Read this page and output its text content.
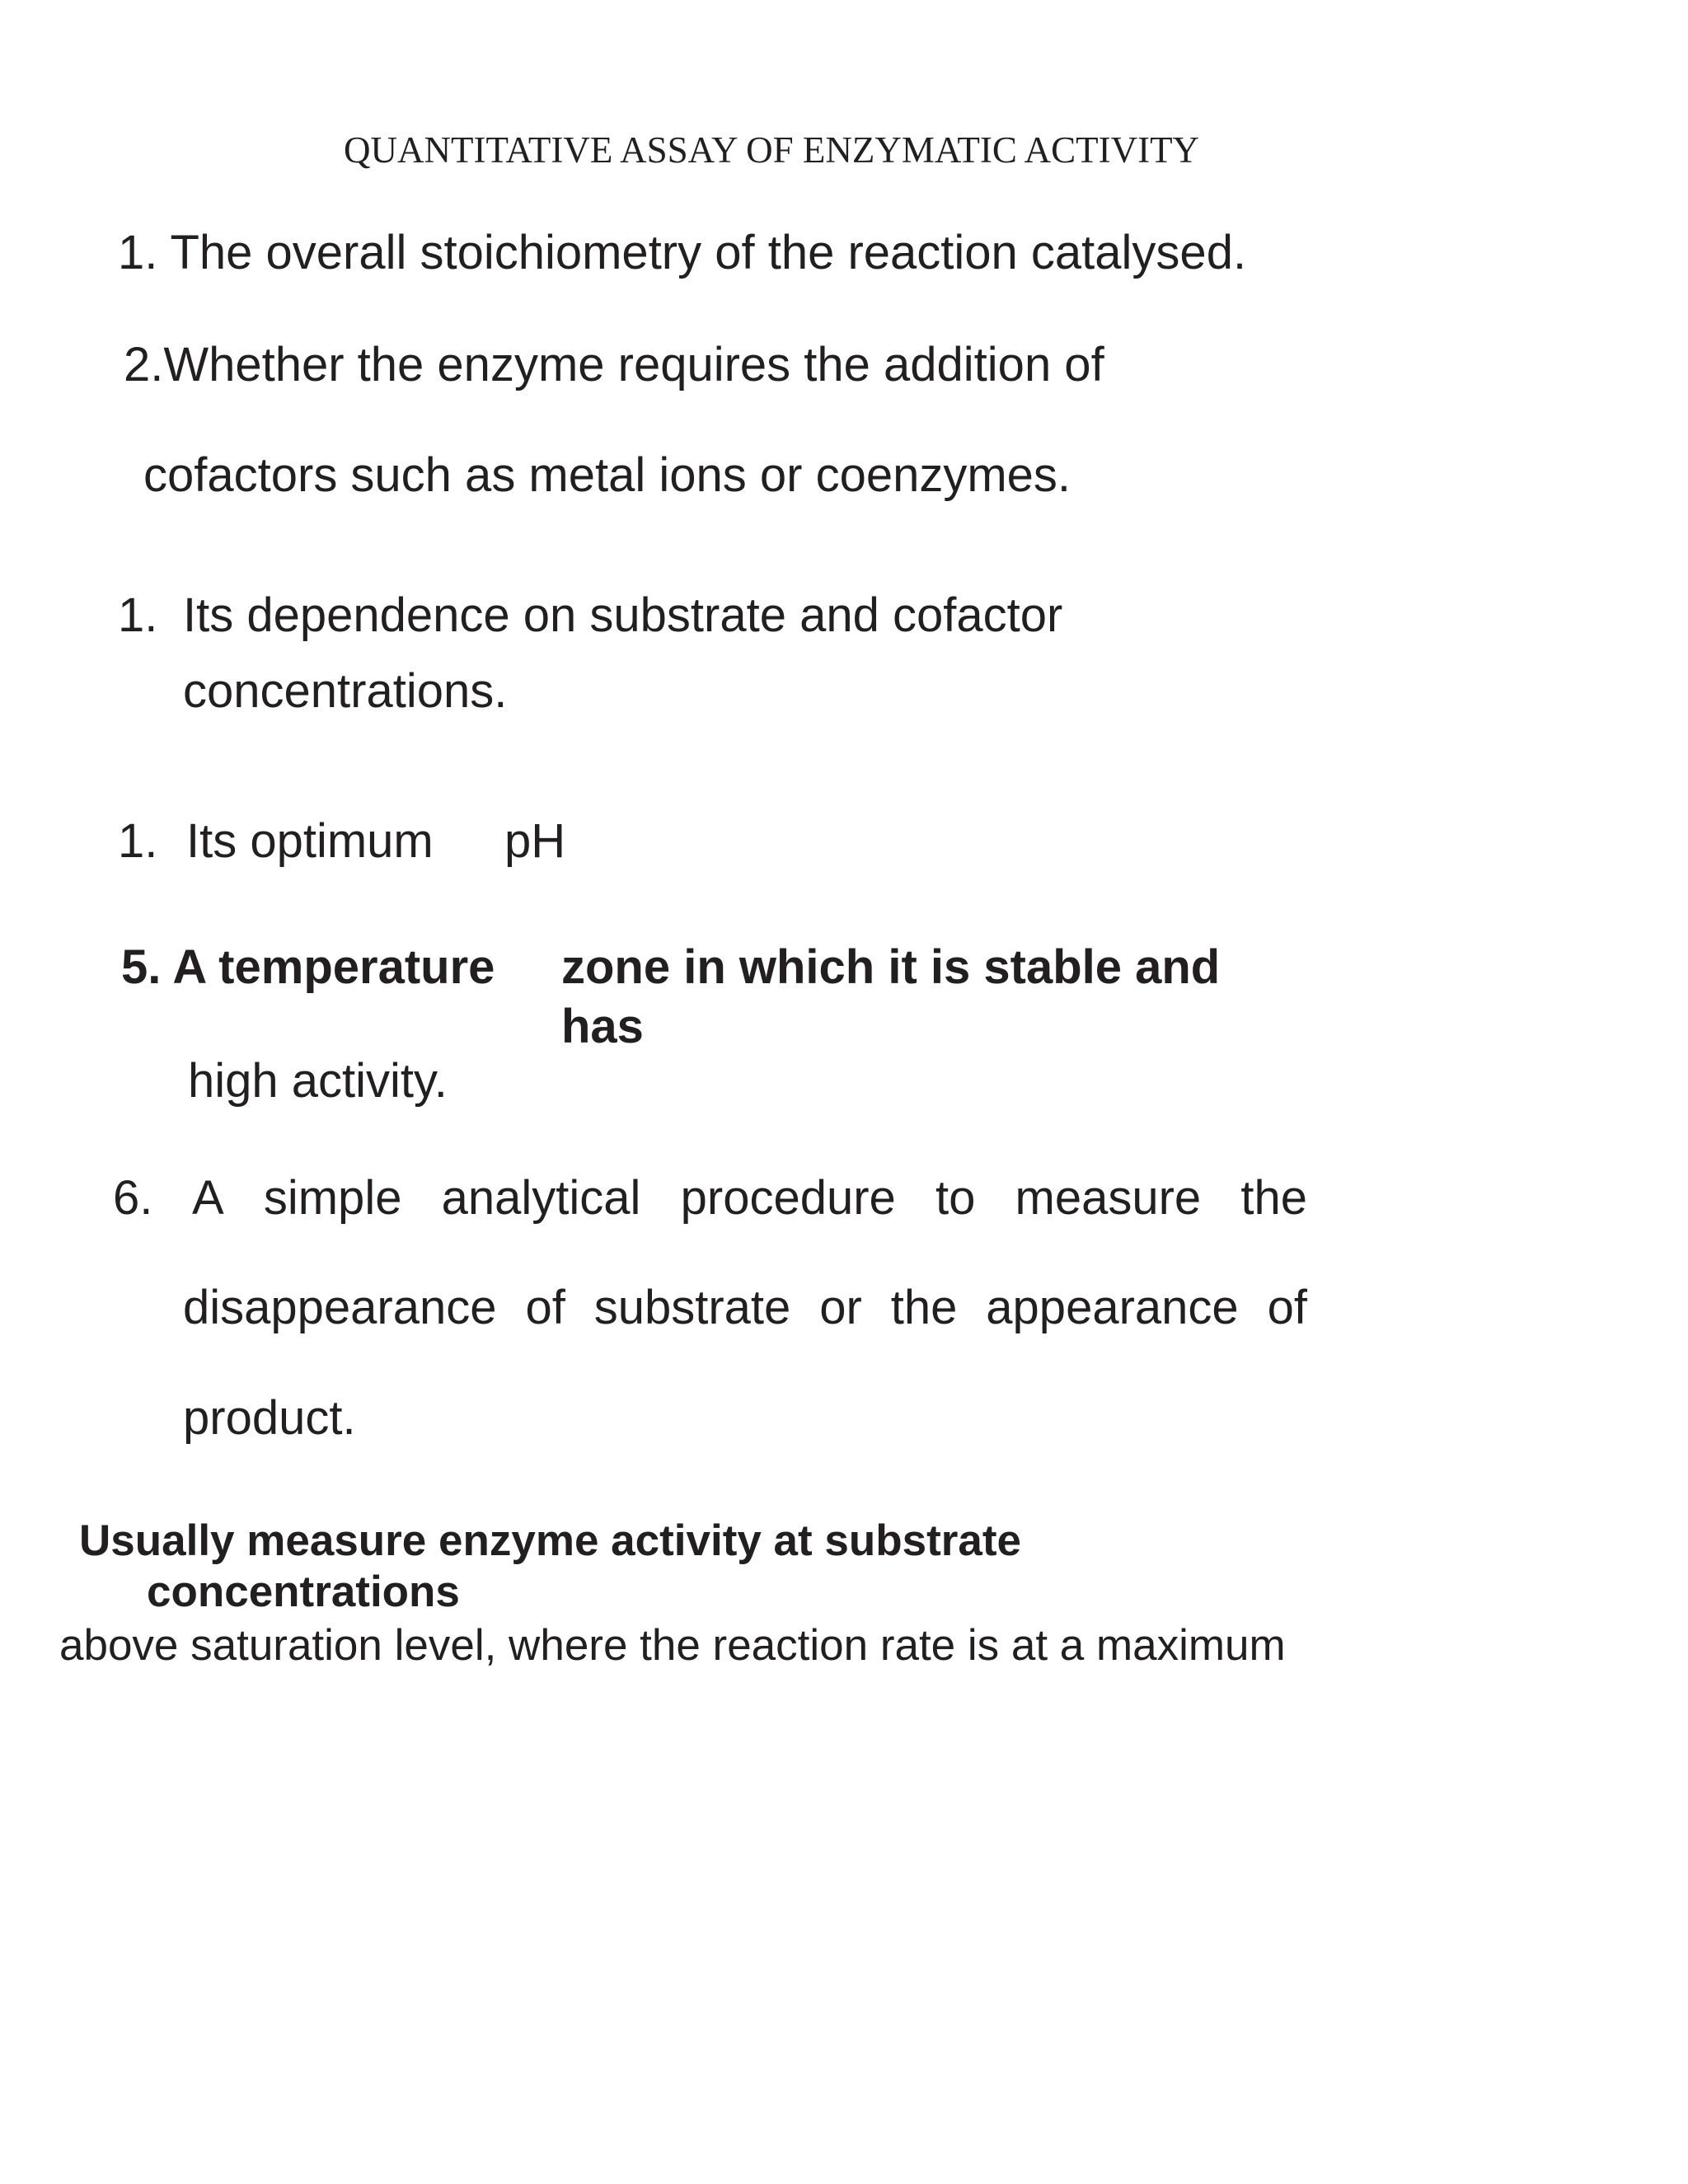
QUANTITATIVE ASSAY OF ENZYMATIC ACTIVITY
1. The overall stoichiometry of the reaction catalysed.
2.Whether the enzyme requires the addition of
cofactors such as metal ions or coenzymes.
1. Its dependence on substrate and cofactor
concentrations.
1. Its optimum pH
5. A temperature zone in which it is stable and
has
high activity.
6. A simple analytical procedure to measure the
disappearance of substrate or the appearance of
product.
Usually measure enzyme activity at substrate
concentrations
above saturation level, where the reaction rate is at a maximum
